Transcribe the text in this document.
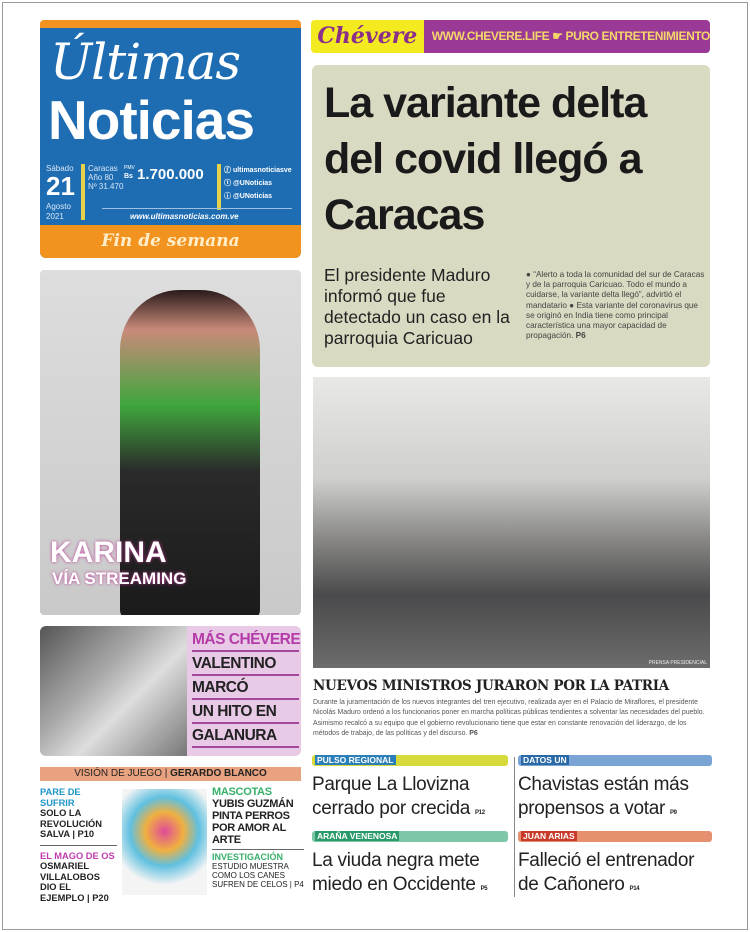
Últimas
Noticias
Sábado
21
Agosto
2021
Caracas
Año 80
Nº 31.470
PMV
Bs 1.700.000	ⓕ ultimasnoticiasve
ⓣ @UNoticias
ⓘ @UNoticias
www.ultimasnoticias.com.ve
Fin de semana
Chévere	WWW.CHEVERE.LIFE ☛ PURO ENTRETENIMIENTO
La variante delta del covid llegó a Caracas
El presidente Maduro informó que fue detectado un caso en la parroquia Caricuao
● “Alerto a toda la comunidad del sur de Caracas y de la parroquia Caricuao. Todo el mundo a cuidarse, la variante delta llegó”, advirtió el mandatario ● Esta variante del coronavirus que se originó en India tiene como principal característica una mayor capacidad de propagación. P6
PRENSA PRESIDENCIAL
NUEVOS MINISTROS JURARON POR LA PATRIA
Durante la juramentación de los nuevos integrantes del tren ejecutivo, realizada ayer en el Palacio de Miraflores, el presidente Nicolás Maduro ordenó a los funcionarios poner en marcha políticas públicas tendientes a solventar las necesidades del pueblo. Asimismo recalcó a su equipo que el gobierno revolucionario tiene que estar en constante renovación del liderazgo, de los métodos de trabajo, de las políticas y del discurso. P6
KARINA
VÍA STREAMING
MÁS CHÉVERE
VALENTINO
MARCÓ
UN HITO EN
GALANURA
VISIÓN DE JUEGO | GERARDO BLANCO
PARE DE SUFRIR
SOLO LA REVOLUCIÓN SALVA | P10
EL MAGO DE OS
OSMARIEL VILLALOBOS DIO EL EJEMPLO | P20
MASCOTAS
YUBIS GUZMÁN PINTA PERROS POR AMOR AL ARTE
INVESTIGACIÓN
ESTUDIO MUESTRA COMO LOS CANES SUFREN DE CELOS | P4
PULSO REGIONAL
Parque La Llovizna cerrado por crecida P12
DATOS UN
Chavistas están más propensos a votar P9
ARAÑA VENENOSA
La viuda negra mete miedo en Occidente P5
JUAN ARIAS
Falleció el entrenador de Cañonero P14
